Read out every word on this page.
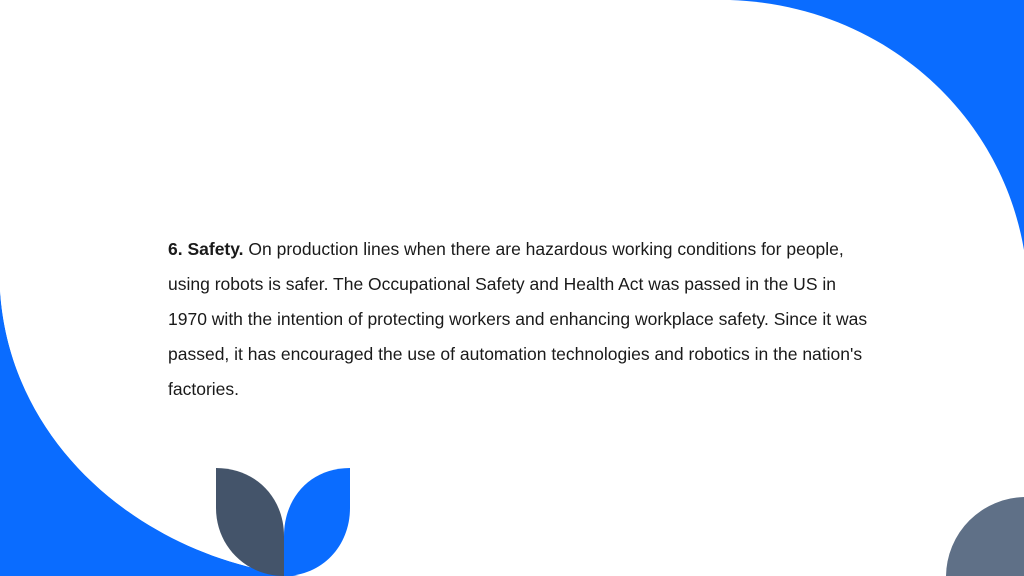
6. Safety. On production lines when there are hazardous working conditions for people, using robots is safer. The Occupational Safety and Health Act was passed in the US in 1970 with the intention of protecting workers and enhancing workplace safety. Since it was passed, it has encouraged the use of automation technologies and robotics in the nation's factories.
